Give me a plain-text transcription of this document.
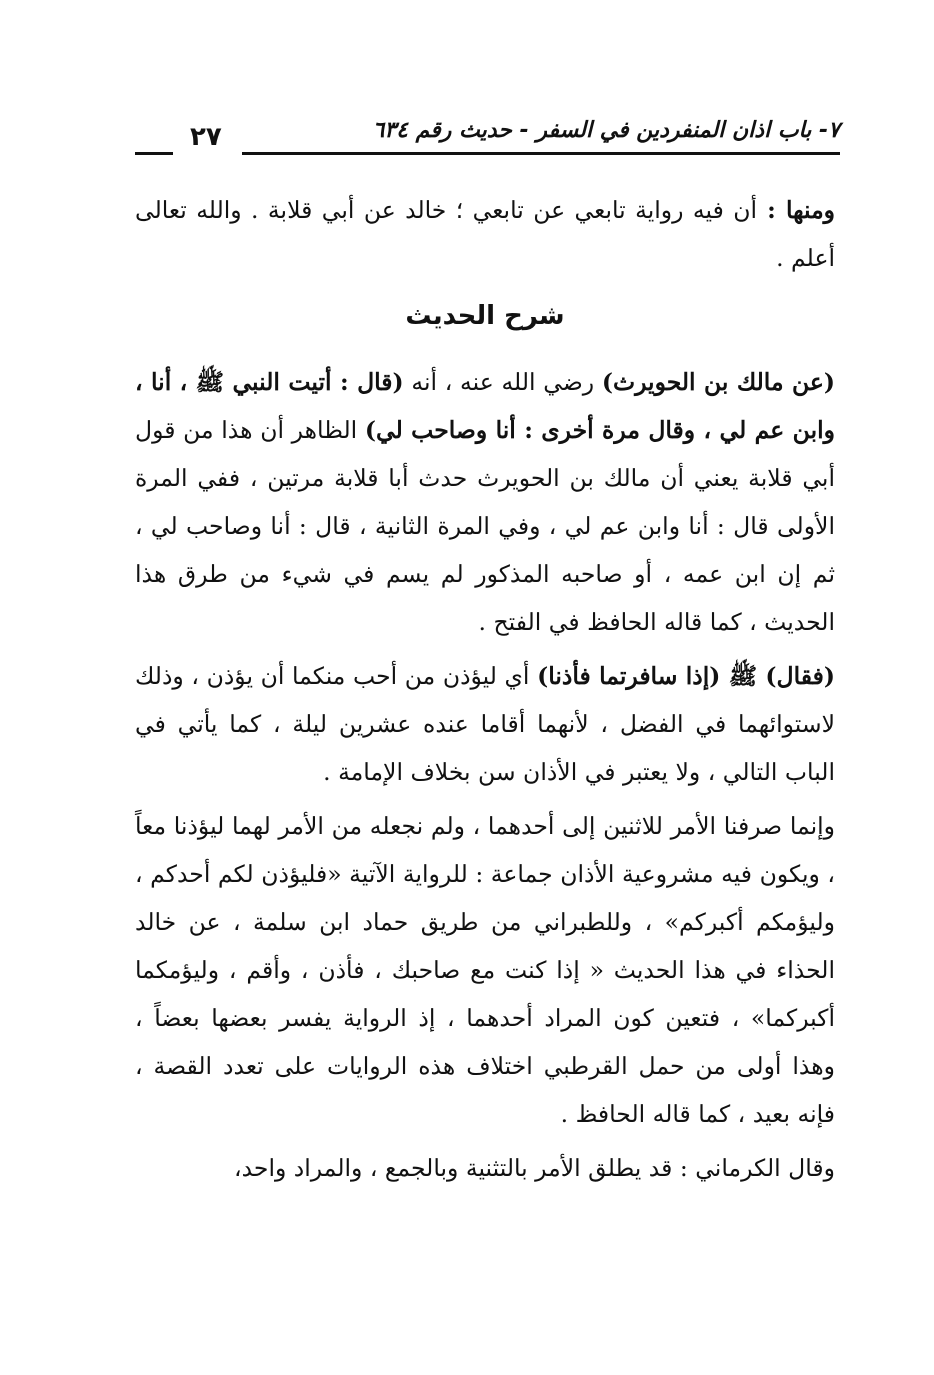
٧- باب اذان المنفردين في السفر - حديث رقم ٦٣٤
٢٧

ومنها : أن فيه رواية تابعي عن تابعي ؛ خالد عن أبي قلابة . والله تعالى أعلم .

شرح الحديث

(عن مالك بن الحويرث) رضي الله عنه ، أنه (قال : أتيت النبي ﷺ ، أنا ، وابن عم لي ، وقال مرة أخرى : أنا وصاحب لي) الظاهر أن هذا من قول أبي قلابة يعني أن مالك بن الحويرث حدث أبا قلابة مرتين ، ففي المرة الأولى قال : أنا وابن عم لي ، وفي المرة الثانية ، قال : أنا وصاحب لي ، ثم إن ابن عمه ، أو صاحبه المذكور لم يسم في شيء من طرق هذا الحديث ، كما قاله الحافظ في الفتح .

(فقال) ﷺ (إذا سافرتما فأذنا) أي ليؤذن من أحب منكما أن يؤذن ، وذلك لاستوائهما في الفضل ، لأنهما أقاما عنده عشرين ليلة ، كما يأتي في الباب التالي ، ولا يعتبر في الأذان سن بخلاف الإمامة .

وإنما صرفنا الأمر للاثنين إلى أحدهما ، ولم نجعله من الأمر لهما ليؤذنا معاً ، ويكون فيه مشروعية الأذان جماعة : للرواية الآتية «فليؤذن لكم أحدكم ، وليؤمكم أكبركم» ، وللطبراني من طريق حماد ابن سلمة ، عن خالد الحذاء في هذا الحديث « إذا كنت مع صاحبك ، فأذن ، وأقم ، وليؤمكما أكبركما» ، فتعين كون المراد أحدهما ، إذ الرواية يفسر بعضها بعضاً ، وهذا أولى من حمل القرطبي اختلاف هذه الروايات على تعدد القصة ، فإنه بعيد ، كما قاله الحافظ .

وقال الكرماني : قد يطلق الأمر بالتثنية وبالجمع ، والمراد واحد،
